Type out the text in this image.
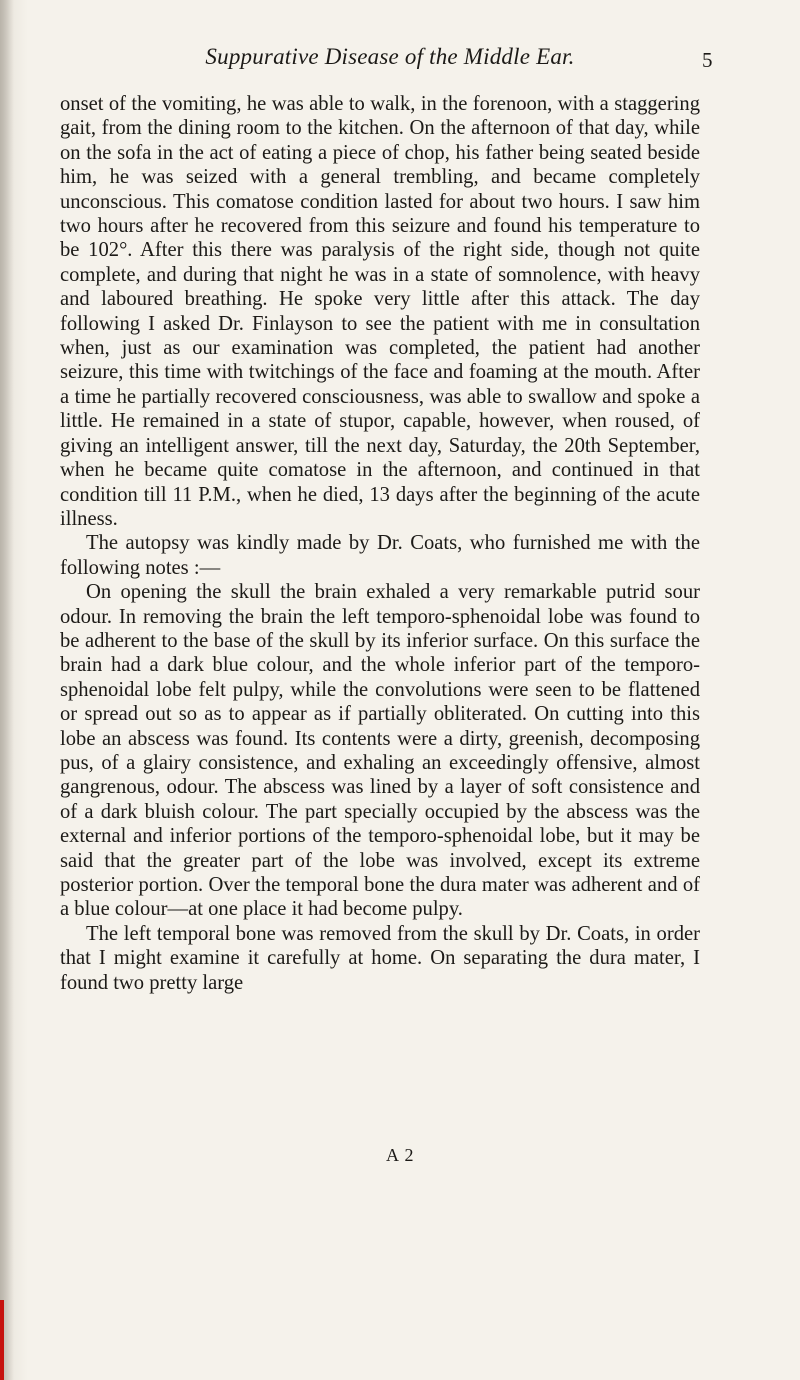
Suppurative Disease of the Middle Ear.	5

onset of the vomiting, he was able to walk, in the forenoon, with a staggering gait, from the dining room to the kitchen. On the afternoon of that day, while on the sofa in the act of eating a piece of chop, his father being seated beside him, he was seized with a general trembling, and became completely unconscious. This comatose condition lasted for about two hours. I saw him two hours after he recovered from this seizure and found his temperature to be 102°. After this there was paralysis of the right side, though not quite complete, and during that night he was in a state of somnolence, with heavy and laboured breathing. He spoke very little after this attack. The day following I asked Dr. Finlayson to see the patient with me in consultation when, just as our examination was completed, the patient had another seizure, this time with twitchings of the face and foaming at the mouth. After a time he partially recovered consciousness, was able to swallow and spoke a little. He remained in a state of stupor, capable, however, when roused, of giving an intelligent answer, till the next day, Saturday, the 20th September, when he became quite comatose in the afternoon, and continued in that condition till 11 P.M., when he died, 13 days after the beginning of the acute illness.

The autopsy was kindly made by Dr. Coats, who furnished me with the following notes :—

On opening the skull the brain exhaled a very remarkable putrid sour odour. In removing the brain the left temporo-sphenoidal lobe was found to be adherent to the base of the skull by its inferior surface. On this surface the brain had a dark blue colour, and the whole inferior part of the temporo-sphenoidal lobe felt pulpy, while the convolutions were seen to be flattened or spread out so as to appear as if partially obliterated. On cutting into this lobe an abscess was found. Its contents were a dirty, greenish, decomposing pus, of a glairy consistence, and exhaling an exceedingly offensive, almost gangrenous, odour. The abscess was lined by a layer of soft consistence and of a dark bluish colour. The part specially occupied by the abscess was the external and inferior portions of the temporo-sphenoidal lobe, but it may be said that the greater part of the lobe was involved, except its extreme posterior portion. Over the temporal bone the dura mater was adherent and of a blue colour—at one place it had become pulpy.

The left temporal bone was removed from the skull by Dr. Coats, in order that I might examine it carefully at home. On separating the dura mater, I found two pretty large

A 2
